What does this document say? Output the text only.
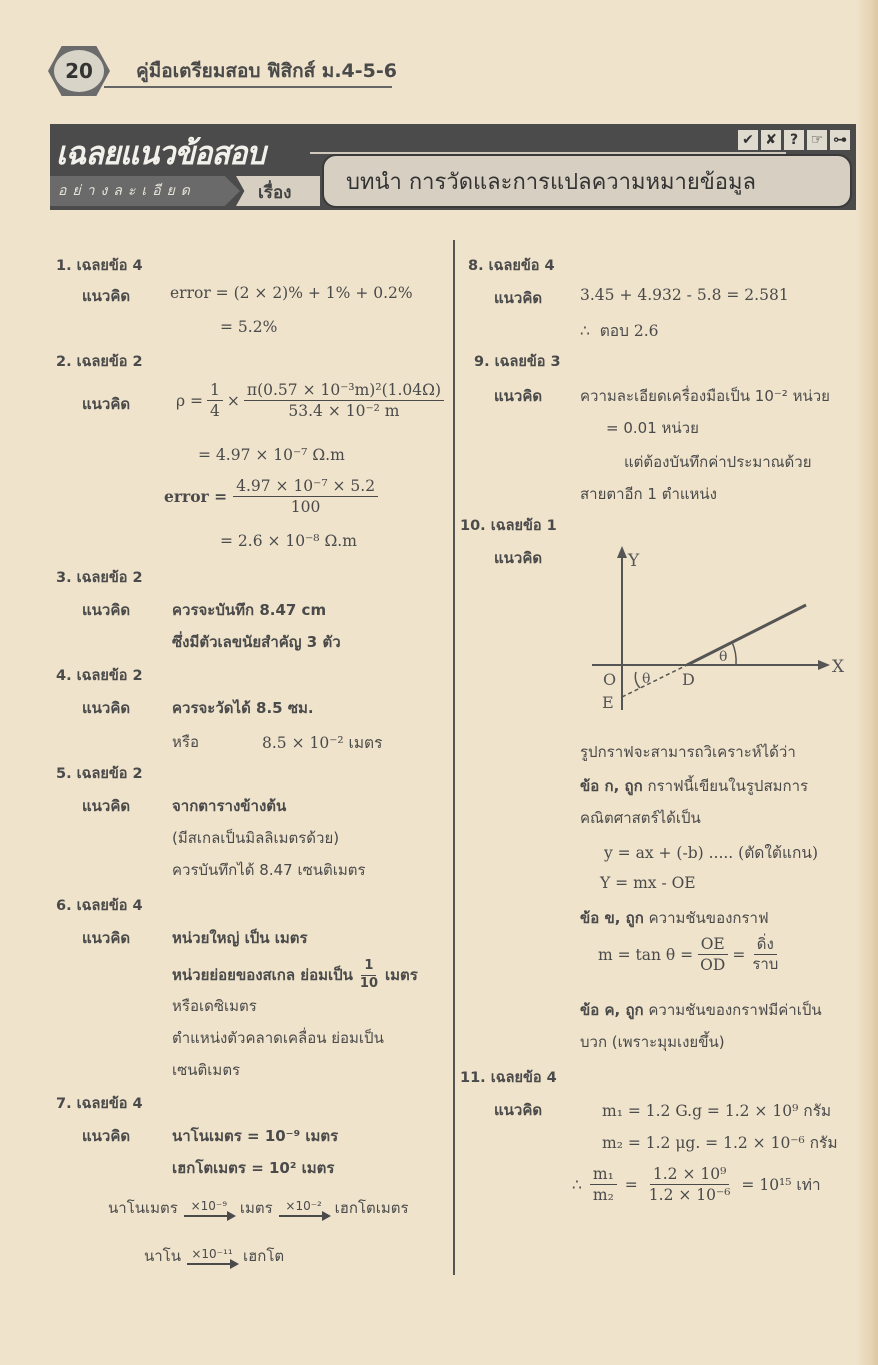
20	คู่มือเตรียมสอบ ฟิสิกส์ ม.4-5-6
เฉลยแนวข้อสอบ
อย่างละเอียด	เรื่อง บทนำ การวัดและการแปลความหมายข้อมูล
✔ ✘ ? ☞ ⊶
1. เฉลยข้อ 4
แนวคิด	error = (2 × 2)% + 1% + 0.2%
= 5.2%
2. เฉลยข้อ 2
แนวคิด	$\rho = \frac{1}{4} \times \frac{\text{π(0.57 × 10⁻³m)²(1.04Ω)}}{\text{53.4 × 10⁻² m}}$
= 4.97 × 10⁻⁷ Ω.m
error = $\frac{\text{4.97 × 10⁻⁷ × 5.2}}{100}$
= 2.6 × 10⁻⁸ Ω.m
3. เฉลยข้อ 2
แนวคิด	ควรจะบันทึก 8.47 cm
ซึ่งมีตัวเลขนัยสำคัญ 3 ตัว
4. เฉลยข้อ 2
แนวคิด	ควรจะวัดได้ 8.5 ซม.
หรือ	8.5 × 10⁻² เมตร
5. เฉลยข้อ 2
แนวคิด	จากตารางข้างต้น
(มีสเกลเป็นมิลลิเมตรด้วย)
ควรบันทึกได้ 8.47 เซนติเมตร
6. เฉลยข้อ 4
แนวคิด	หน่วยใหญ่ เป็น เมตร
หน่วยย่อยของสเกล ย่อมเป็น $\frac{1}{10}$ เมตร
หรือเดซิเมตร
ตำแหน่งตัวคลาดเคลื่อน ย่อมเป็น
เซนติเมตร
7. เฉลยข้อ 4
แนวคิด	นาโนเมตร = 10⁻⁹ เมตร
เฮกโตเมตร = 10² เมตร
นาโนเมตร ×10⁻⁹ เมตร ×10⁻² เฮกโตเมตร
นาโน ×10⁻¹¹ เฮกโต
8. เฉลยข้อ 4
แนวคิด 3.45 + 4.932 - 5.8 = 2.581
∴ ตอบ 2.6
9. เฉลยข้อ 3
แนวคิด	ความละเอียดเครื่องมือเป็น 10⁻² หน่วย
= 0.01 หน่วย
แต่ต้องบันทึกค่าประมาณด้วย
สายตาอีก 1 ตำแหน่ง
10. เฉลยข้อ 1
แนวคิด	Y
X
O	D
E
θ
θ
รูปกราฟจะสามารถวิเคราะห์ได้ว่า
ข้อ ก, ถูก กราฟนี้เขียนในรูปสมการ
คณิตศาสตร์ได้เป็น
y = ax + (-b) ..... (ตัดใต้แกน)
Y = mx - OE
ข้อ ข, ถูก ความชันของกราฟ
$m = \tan \theta = \frac{OE}{OD} = \frac{\text{ดิ่ง}}{\text{ราบ}}$
ข้อ ค, ถูก ความชันของกราฟมีค่าเป็น
บวก (เพราะมุมเงยขึ้น)
11. เฉลยข้อ 4
แนวคิด	m₁ = 1.2 G.g = 1.2 × 10⁹ กรัม
m₂ = 1.2 μg. = 1.2 × 10⁻⁶ กรัม
∴ $\frac{\text{m₁}}{\text{m₂}} = \frac{\text{1.2 × 10⁹}}{\text{1.2 × 10⁻⁶}} = 10^{15}$ เท่า
